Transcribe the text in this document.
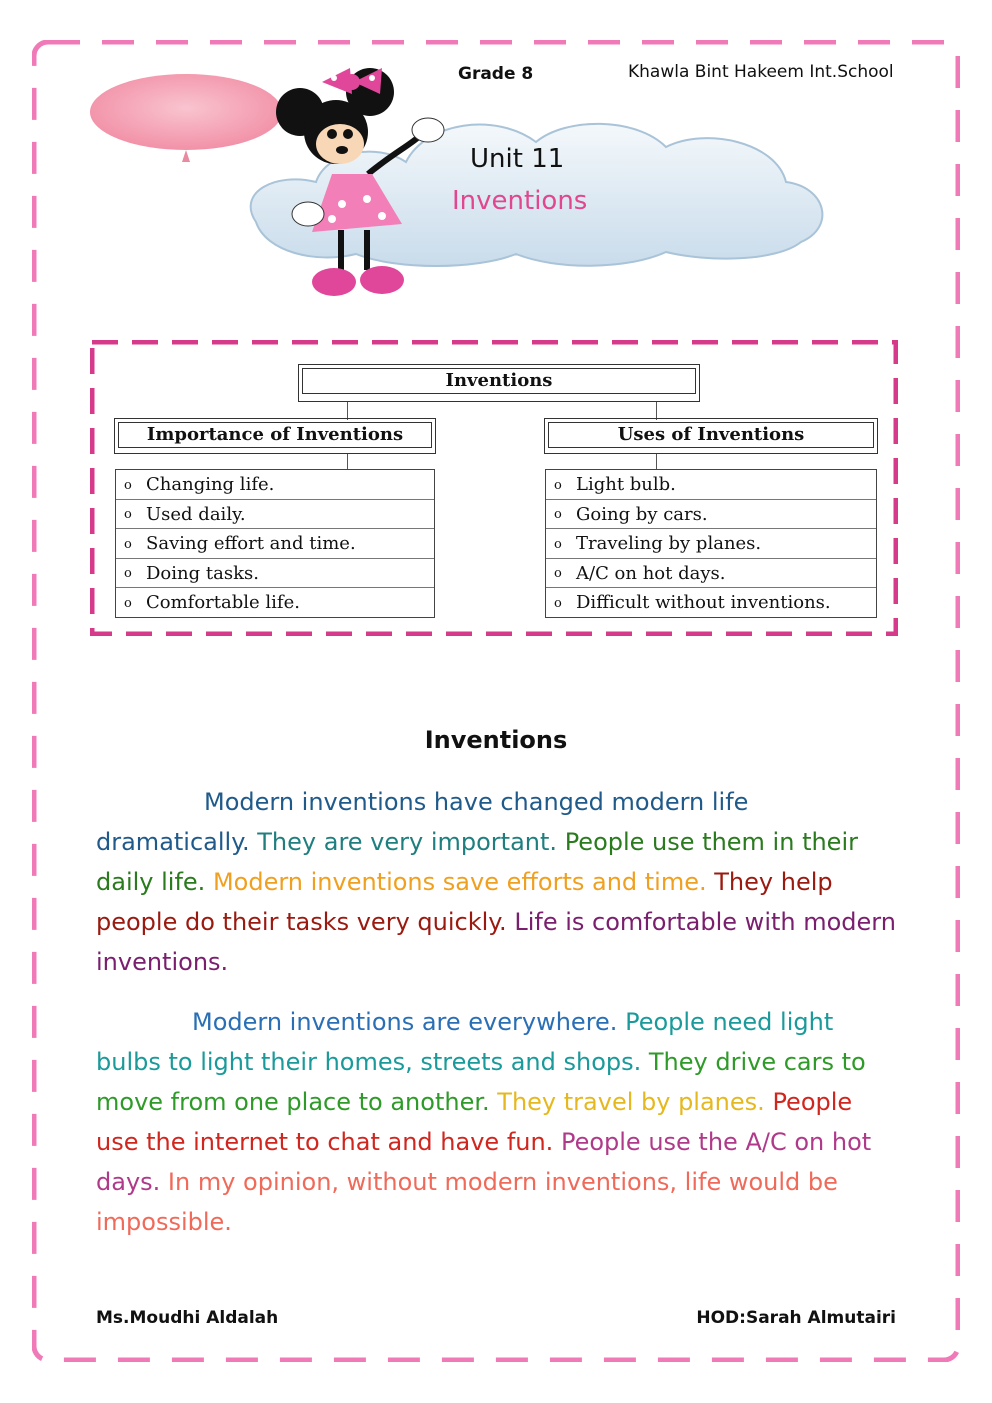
Grade 8	Khawla Bint Hakeem Int.School
Unit 11
Inventions
Inventions
Importance of Inventions	Uses of Inventions
o Changing life.
o Used daily.
o Saving effort and time.
o Doing tasks.
o Comfortable life.
o Light bulb.
o Going by cars.
o Traveling by planes.
o A/C on hot days.
o Difficult without inventions.
Inventions
Modern inventions have changed modern life dramatically. They are very important. People use them in their daily life. Modern inventions save efforts and time. They help people do their tasks very quickly. Life is comfortable with modern inventions.
Modern inventions are everywhere. People need light bulbs to light their homes, streets and shops. They drive cars to move from one place to another. They travel by planes. People use the internet to chat and have fun. People use the A/C on hot days. In my opinion, without modern inventions, life would be impossible.
Ms.Moudhi Aldalah	HOD:Sarah Almutairi
